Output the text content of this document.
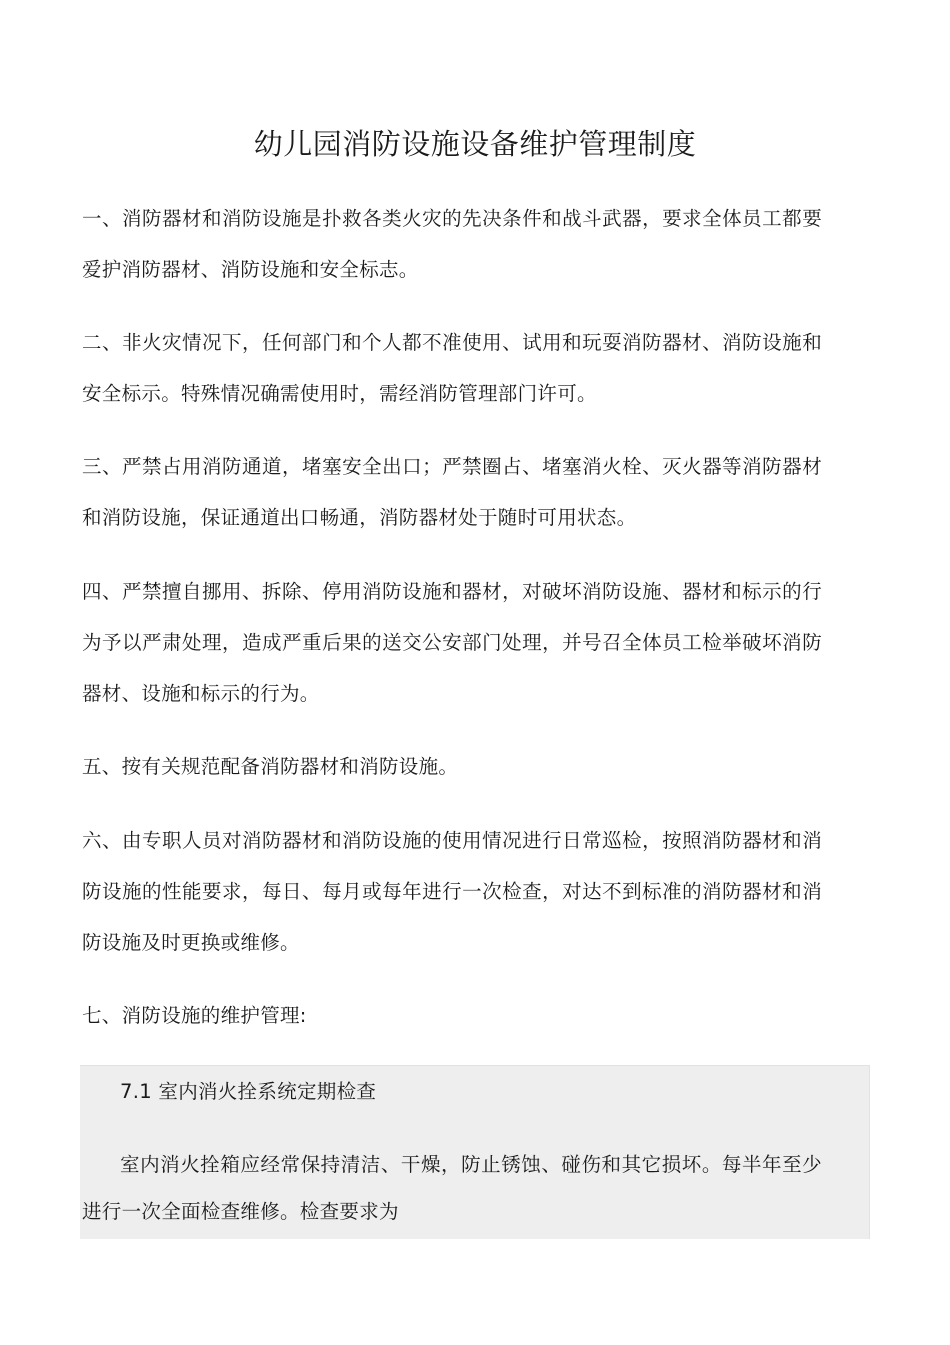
幼儿园消防设施设备维护管理制度

一、消防器材和消防设施是扑救各类火灾的先决条件和战斗武器，要求全体员工都要爱护消防器材、消防设施和安全标志。

二、非火灾情况下，任何部门和个人都不准使用、试用和玩耍消防器材、消防设施和安全标示。特殊情况确需使用时，需经消防管理部门许可。

三、严禁占用消防通道，堵塞安全出口；严禁圈占、堵塞消火栓、灭火器等消防器材和消防设施，保证通道出口畅通，消防器材处于随时可用状态。

四、严禁擅自挪用、拆除、停用消防设施和器材，对破坏消防设施、器材和标示的行为予以严肃处理，造成严重后果的送交公安部门处理，并号召全体员工检举破坏消防器材、设施和标示的行为。

五、按有关规范配备消防器材和消防设施。

六、由专职人员对消防器材和消防设施的使用情况进行日常巡检，按照消防器材和消防设施的性能要求，每日、每月或每年进行一次检查，对达不到标准的消防器材和消防设施及时更换或维修。

七、消防设施的维护管理:

7.1 室内消火拴系统定期检查

室内消火拴箱应经常保持清洁、干燥，防止锈蚀、碰伤和其它损坏。每半年至少进行一次全面检查维修。检查要求为
